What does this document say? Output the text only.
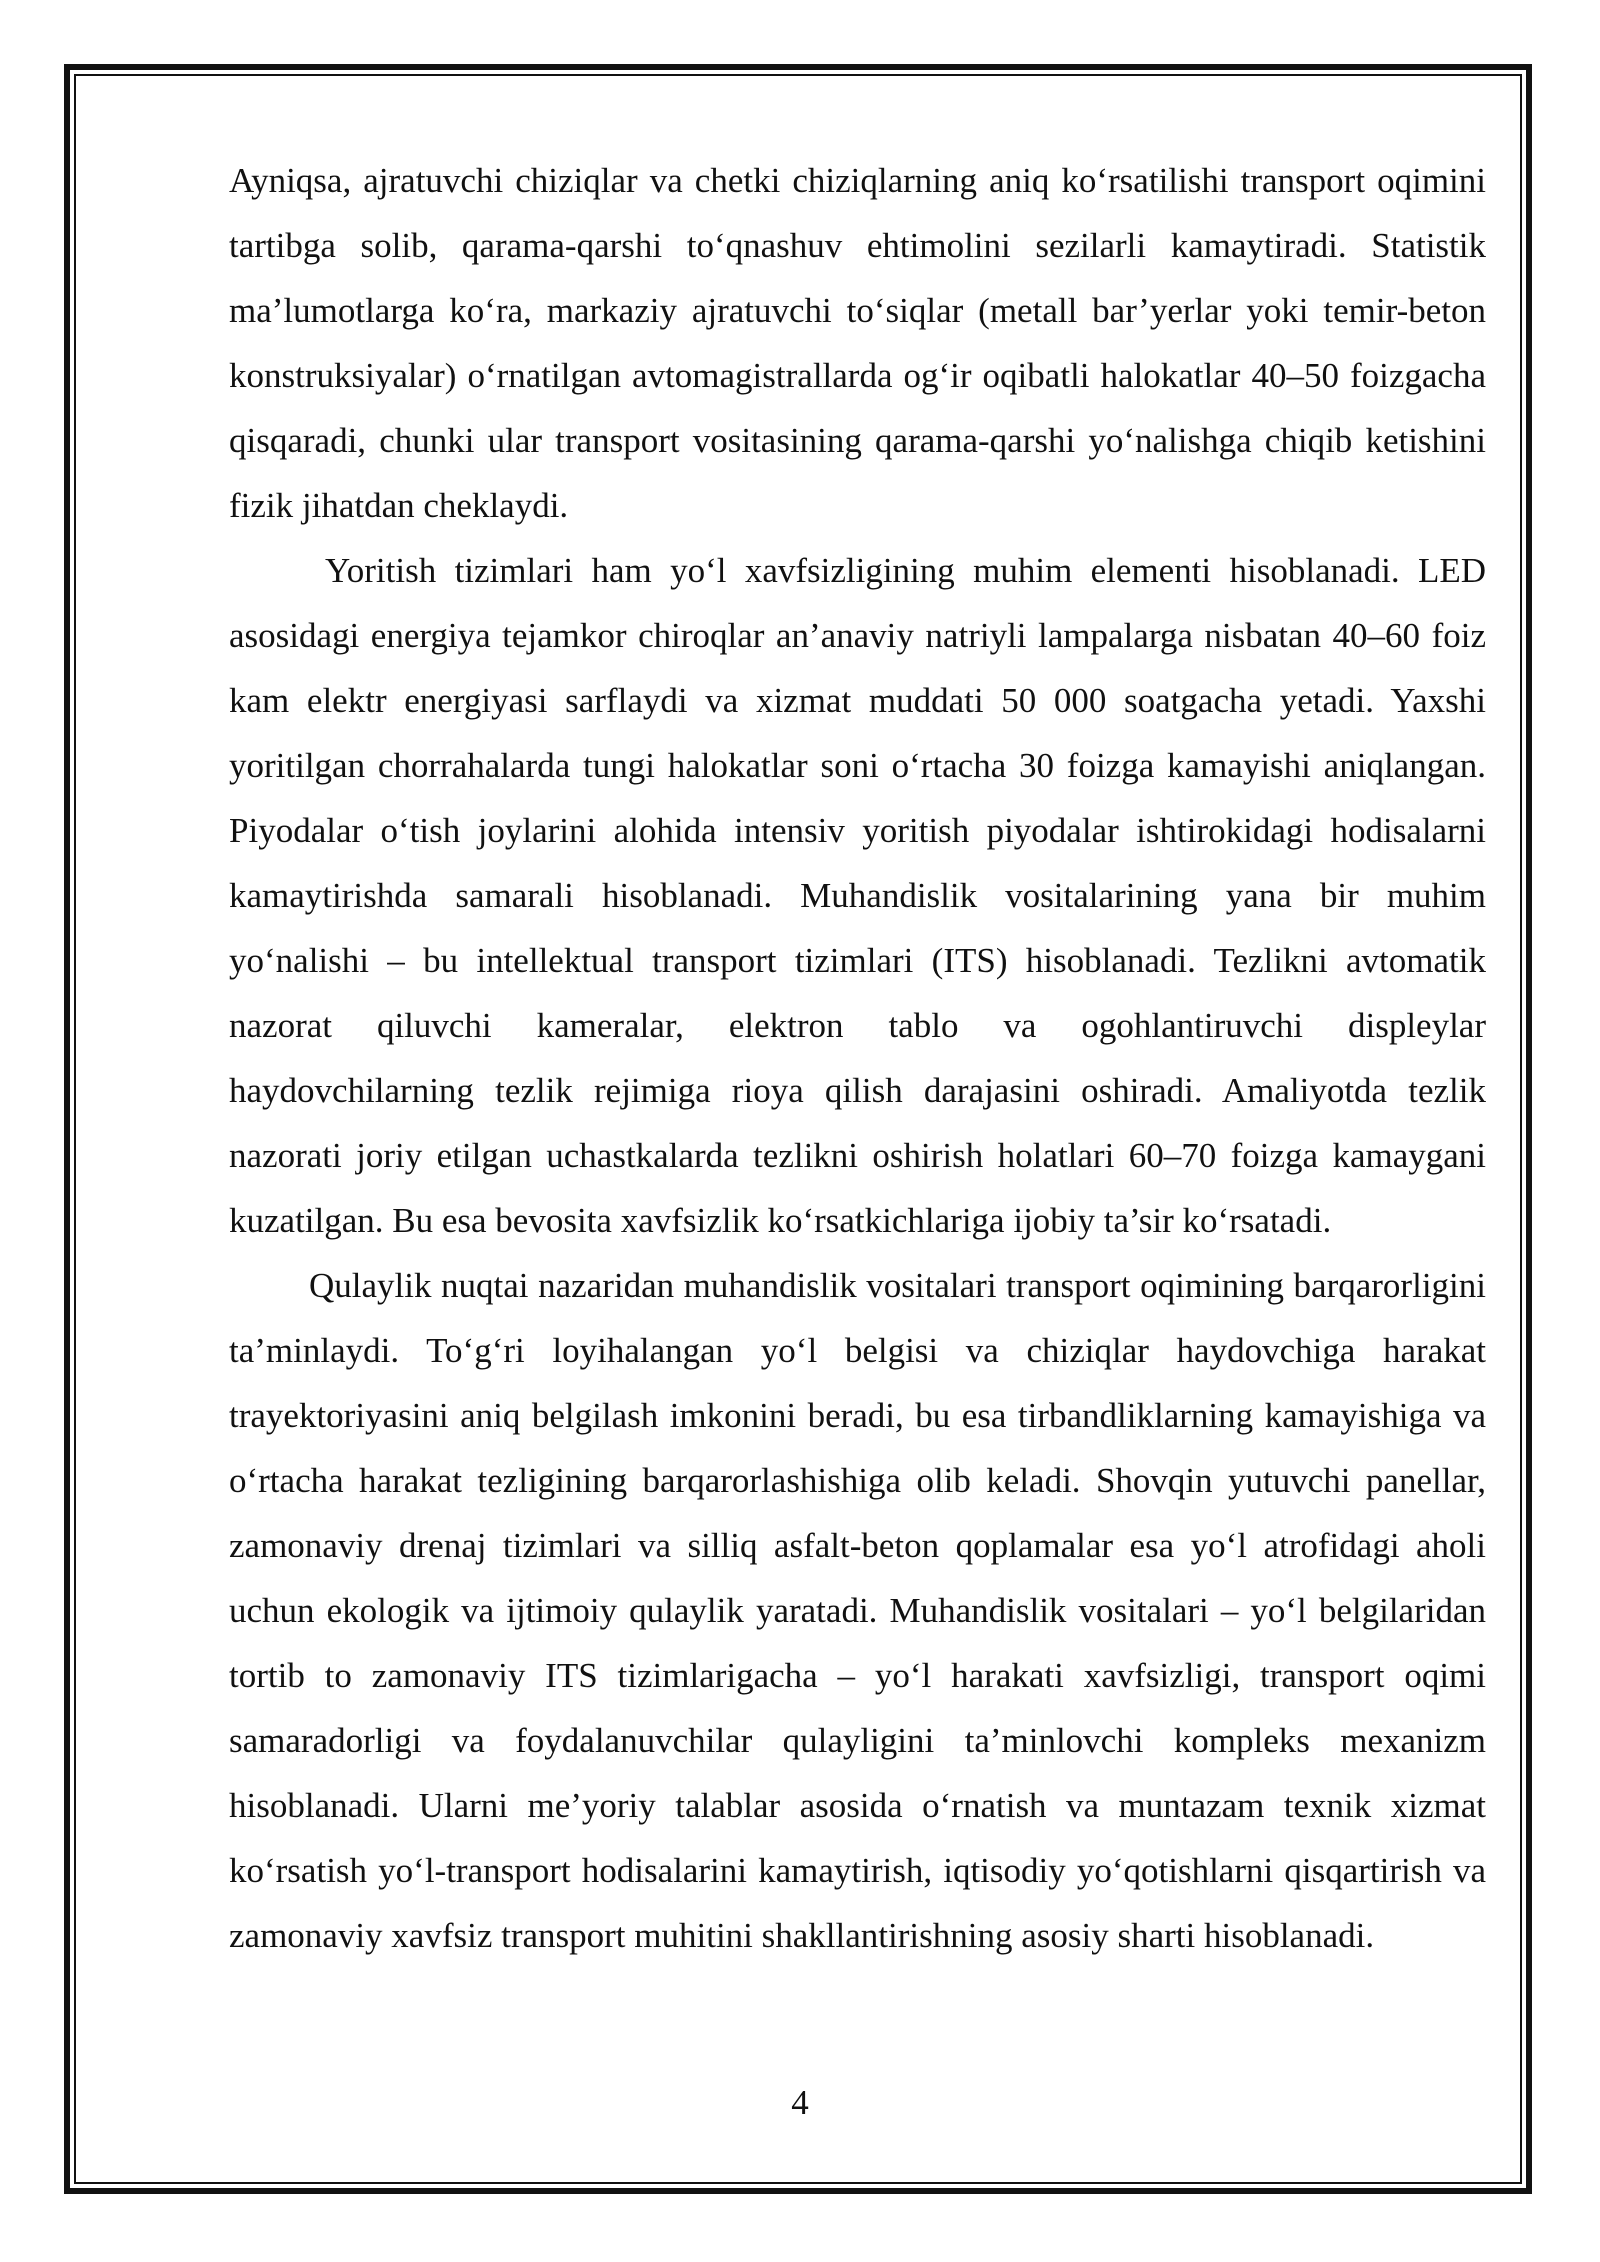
Ayniqsa, ajratuvchi chiziqlar va chetki chiziqlarning aniq ko‘rsatilishi transport oqimini tartibga solib, qarama-qarshi to‘qnashuv ehtimolini sezilarli kamaytiradi. Statistik ma’lumotlarga ko‘ra, markaziy ajratuvchi to‘siqlar (metall bar’yerlar yoki temir-beton konstruksiyalar) o‘rnatilgan avtomagistrallarda og‘ir oqibatli halokatlar 40–50 foizgacha qisqaradi, chunki ular transport vositasining qarama-qarshi yo‘nalishga chiqib ketishini fizik jihatdan cheklaydi.

Yoritish tizimlari ham yo‘l xavfsizligining muhim elementi hisoblanadi. LED asosidagi energiya tejamkor chiroqlar an’anaviy natriyli lampalarga nisbatan 40–60 foiz kam elektr energiyasi sarflaydi va xizmat muddati 50 000 soatgacha yetadi. Yaxshi yoritilgan chorrahalarda tungi halokatlar soni o‘rtacha 30 foizga kamayishi aniqlangan. Piyodalar o‘tish joylarini alohida intensiv yoritish piyodalar ishtirokidagi hodisalarni kamaytirishda samarali hisoblanadi. Muhandislik vositalarining yana bir muhim yo‘nalishi – bu intellektual transport tizimlari (ITS) hisoblanadi. Tezlikni avtomatik nazorat qiluvchi kameralar, elektron tablo va ogohlantiruvchi displeylar haydovchilarning tezlik rejimiga rioya qilish darajasini oshiradi. Amaliyotda tezlik nazorati joriy etilgan uchastkalarda tezlikni oshirish holatlari 60–70 foizga kamaygani kuzatilgan. Bu esa bevosita xavfsizlik ko‘rsatkichlariga ijobiy ta’sir ko‘rsatadi.

Qulaylik nuqtai nazaridan muhandislik vositalari transport oqimining barqarorligini ta’minlaydi. To‘g‘ri loyihalangan yo‘l belgisi va chiziqlar haydovchiga harakat trayektoriyasini aniq belgilash imkonini beradi, bu esa tirbandliklarning kamayishiga va o‘rtacha harakat tezligining barqarorlashishiga olib keladi. Shovqin yutuvchi panellar, zamonaviy drenaj tizimlari va silliq asfalt-beton qoplamalar esa yo‘l atrofidagi aholi uchun ekologik va ijtimoiy qulaylik yaratadi. Muhandislik vositalari – yo‘l belgilaridan tortib to zamonaviy ITS tizimlarigacha – yo‘l harakati xavfsizligi, transport oqimi samaradorligi va foydalanuvchilar qulayligini ta’minlovchi kompleks mexanizm hisoblanadi. Ularni me’yoriy talablar asosida o‘rnatish va muntazam texnik xizmat ko‘rsatish yo‘l-transport hodisalarini kamaytirish, iqtisodiy yo‘qotishlarni qisqartirish va zamonaviy xavfsiz transport muhitini shakllantirishning asosiy sharti hisoblanadi.

4
